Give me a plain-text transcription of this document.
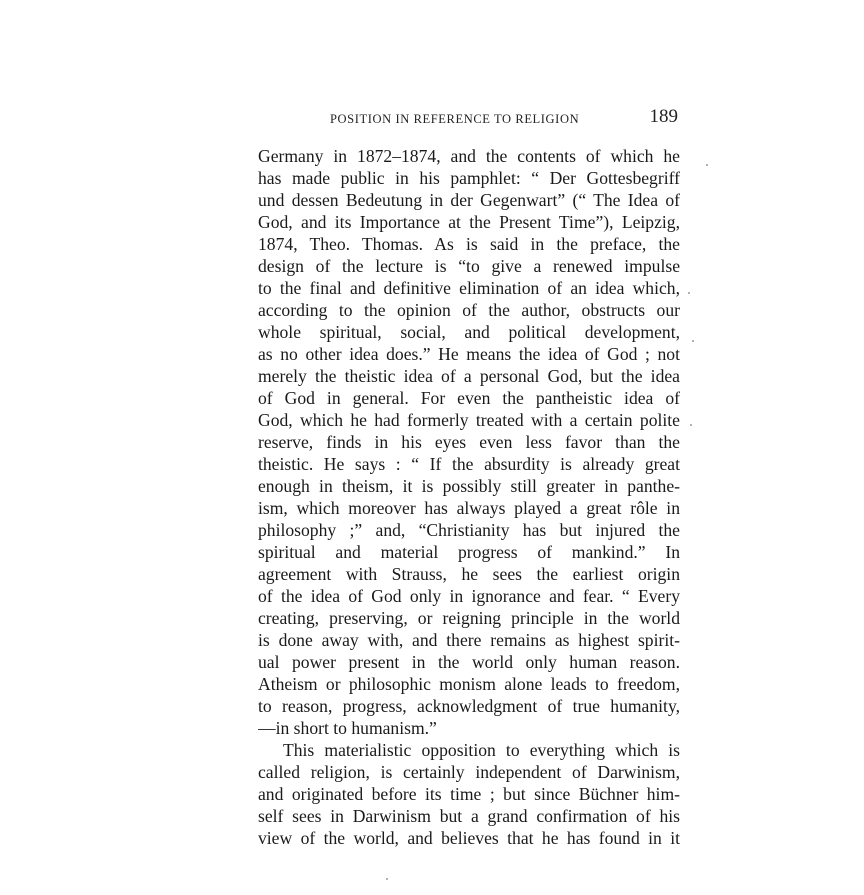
POSITION IN REFERENCE TO RELIGION	189
Germany in 1872–1874, and the contents of which he
has made public in his pamphlet: “ Der Gottesbegriff
und dessen Bedeutung in der Gegenwart” (“ The Idea of
God, and its Importance at the Present Time”), Leipzig,
1874, Theo. Thomas. As is said in the preface, the
design of the lecture is “to give a renewed impulse
to the final and definitive elimination of an idea which,
according to the opinion of the author, obstructs our
whole spiritual, social, and political development,
as no other idea does.” He means the idea of God ; not
merely the theistic idea of a personal God, but the idea
of God in general. For even the pantheistic idea of
God, which he had formerly treated with a certain polite
reserve, finds in his eyes even less favor than the
theistic. He says : “ If the absurdity is already great
enough in theism, it is possibly still greater in panthe-
ism, which moreover has always played a great rôle in
philosophy ;” and, “Christianity has but injured the
spiritual and material progress of mankind.” In
agreement with Strauss, he sees the earliest origin
of the idea of God only in ignorance and fear. “ Every
creating, preserving, or reigning principle in the world
is done away with, and there remains as highest spirit-
ual power present in the world only human reason.
Atheism or philosophic monism alone leads to freedom,
to reason, progress, acknowledgment of true humanity,
—in short to humanism.”
This materialistic opposition to everything which is
called religion, is certainly independent of Darwinism,
and originated before its time ; but since Büchner him-
self sees in Darwinism but a grand confirmation of his
view of the world, and believes that he has found in it
